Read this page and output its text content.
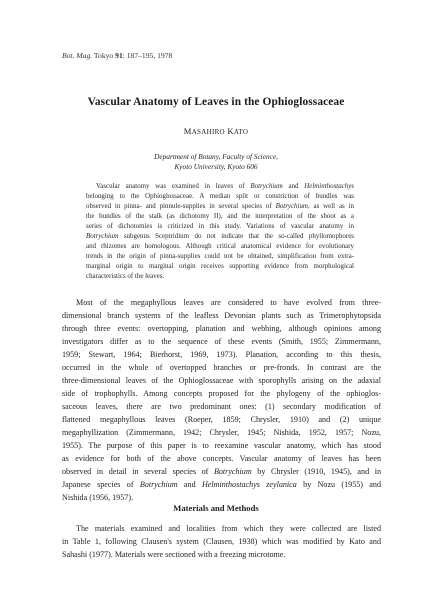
Bot. Mag. Tokyo 91: 187–195, 1978
Vascular Anatomy of Leaves in the Ophioglossaceae
MASAHIRO KATO
Department of Botany, Faculty of Science,
Kyoto University, Kyoto 606
Vascular anatomy was examined in leaves of Botrychium and Helminthostachys
belonging to the Ophioglossaceae. A median split or constriction of bundles was
observed in pinna- and pinnule-supplies in several species of Botrychium, as well as in
the bundles of the stalk (as dichotomy II), and the interpretation of the shoot as a
series of dichotomies is criticized in this study. Variations of vascular anatomy in
Botrychium subgenus Sceptridium do not indicate that the so-called phyllomophores
and rhizomes are homologous. Although critical anatomical evidence for evolutionary
trends in the origin of pinna-supplies could not be obtained, simplification from extra-
marginal origin to marginal origin receives supporting evidence from morphological
characteristics of the leaves.
Most of the megaphyllous leaves are considered to have evolved from three-
dimensional branch systems of the leafless Devonian plants such as Trimerophytopsida
through three events: overtopping, planation and webbing, although opinions among
investigators differ as to the sequence of these events (Smith, 1955; Zimmermann,
1959; Stewart, 1964; Bierhorst, 1969, 1973). Planation, according to this thesis,
occurred in the whole of overtopped branches or pre-fronds. In contrast are the
three-dimensional leaves of the Ophioglossaceae with sporophylls arising on the adaxial
side of trophophylls. Among concepts proposed for the phylogeny of the ophioglos-
saceous leaves, there are two predominant ones: (1) secondary modification of
flattened megaphyllous leaves (Roeper, 1859; Chrysler, 1910) and (2) unique
megaphyllization (Zimmermann, 1942; Chrysler, 1945; Nishida, 1952, 1957; Nozu,
1955). The purpose of this paper is to reexamine vascular anatomy, which has stood
as evidence for both of the above concepts. Vascular anatomy of leaves has been
observed in detail in several species of Botrychium by Chrysler (1910, 1945), and in
Japanese species of Botrychium and Helminthostachys zeylanica by Nozu (1955) and
Nishida (1956, 1957).
Materials and Methods
The materials examined and localities from which they were collected are listed
in Table 1, following Clausen's system (Clausen, 1938) which was modified by Kato and
Sahashi (1977). Materials were sectioned with a freezing microtome.
